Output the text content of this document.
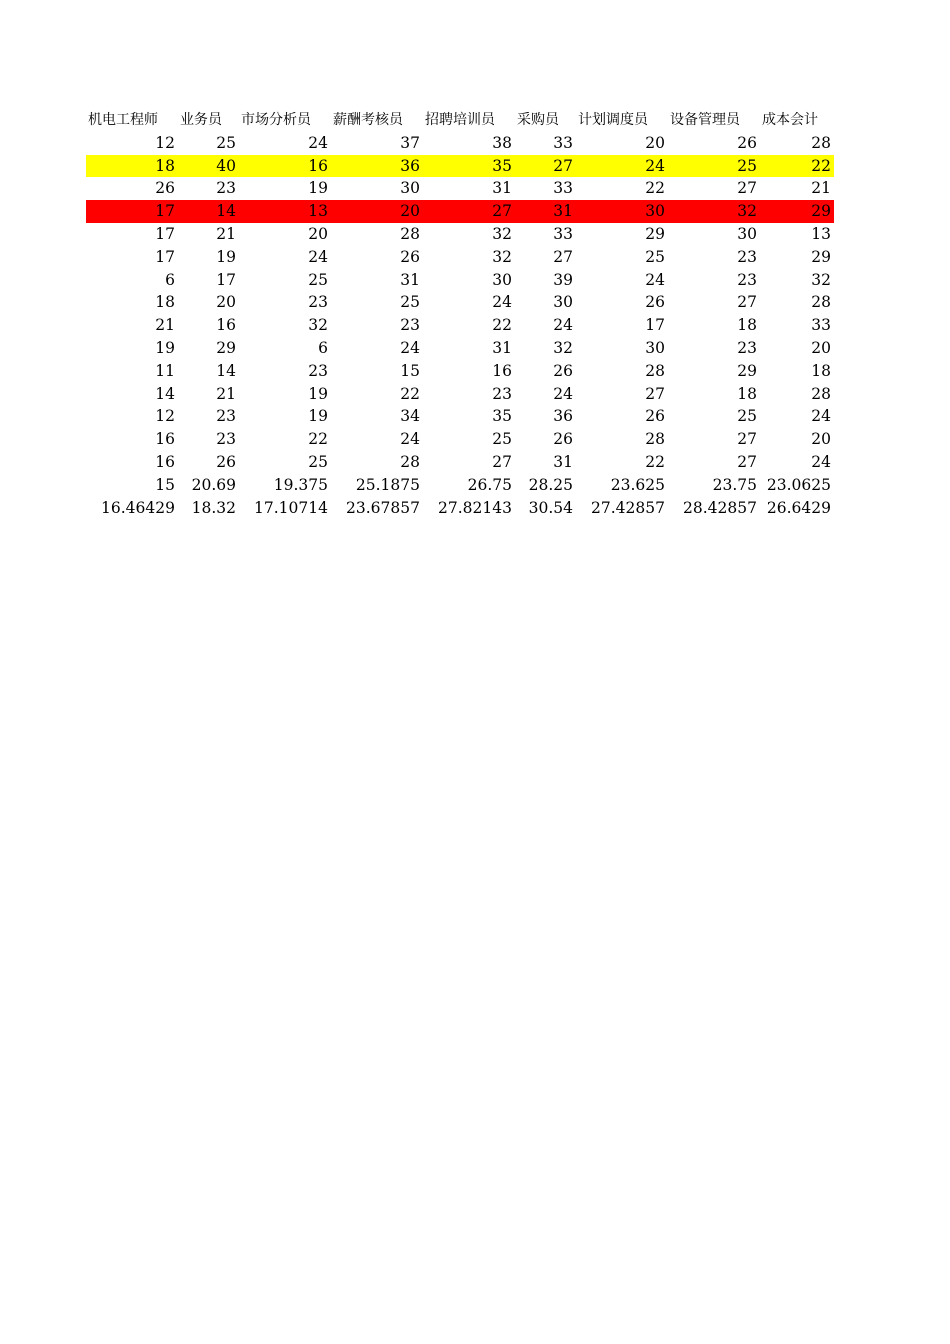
机电工程师	业务员	市场分析员	薪酬考核员	招聘培训员	采购员	计划调度员	设备管理员	成本会计
12	25	24	37	38	33	20	26	28
18	40	16	36	35	27	24	25	22
26	23	19	30	31	33	22	27	21
17	14	13	20	27	31	30	32	29
17	21	20	28	32	33	29	30	13
17	19	24	26	32	27	25	23	29
6	17	25	31	30	39	24	23	32
18	20	23	25	24	30	26	27	28
21	16	32	23	22	24	17	18	33
19	29	6	24	31	32	30	23	20
11	14	23	15	16	26	28	29	18
14	21	19	22	23	24	27	18	28
12	23	19	34	35	36	26	25	24
16	23	22	24	25	26	28	27	20
16	26	25	28	27	31	22	27	24
15	20.69	19.375	25.1875	26.75	28.25	23.625	23.75	23.0625
16.46429	18.32	17.10714	23.67857	27.82143	30.54	27.42857	28.42857	26.6429
